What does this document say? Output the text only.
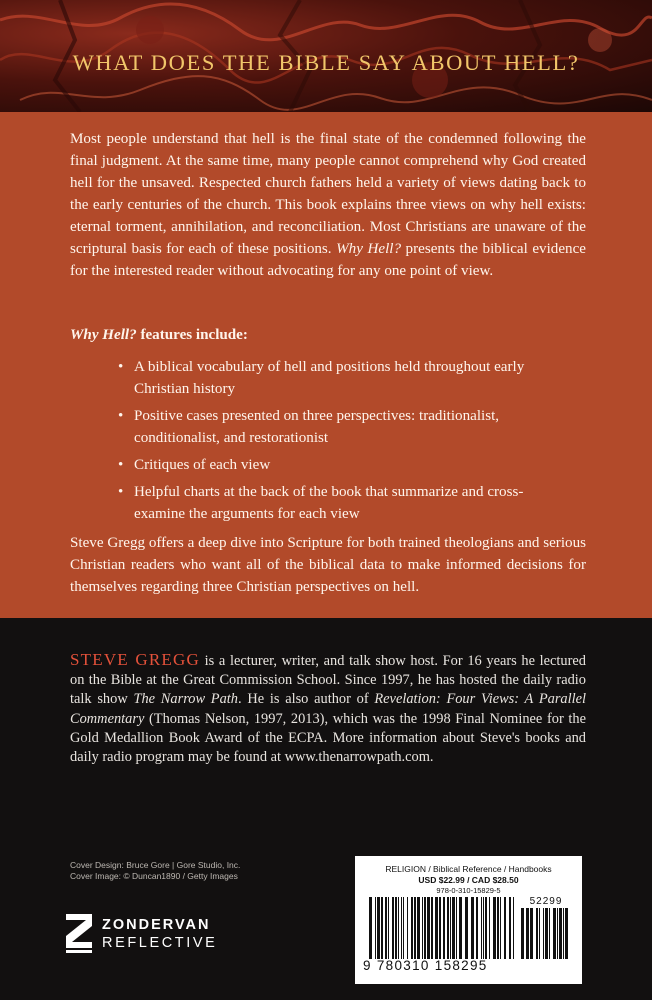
WHAT DOES THE BIBLE SAY ABOUT HELL?

Most people understand that hell is the final state of the condemned following the final judgment. At the same time, many people cannot comprehend why God created hell for the unsaved. Respected church fathers held a variety of views dating back to the early centuries of the church. This book explains three views on why hell exists: eternal torment, annihilation, and reconciliation. Most Christians are unaware of the scriptural basis for each of these positions. Why Hell? presents the biblical evidence for the interested reader without advocating for any one point of view.

Why Hell? features include:
• A biblical vocabulary of hell and positions held throughout early Christian history
• Positive cases presented on three perspectives: traditionalist, conditionalist, and restorationist
• Critiques of each view
• Helpful charts at the back of the book that summarize and cross-examine the arguments for each view
Steve Gregg offers a deep dive into Scripture for both trained theologians and serious Christian readers who want all of the biblical data to make informed decisions for themselves regarding three Christian perspectives on hell.
STEVE GREGG is a lecturer, writer, and talk show host. For 16 years he lectured on the Bible at the Great Commission School. Since 1997, he has hosted the daily radio talk show The Narrow Path. He is also author of Revelation: Four Views: A Parallel Commentary (Thomas Nelson, 1997, 2013), which was the 1998 Final Nominee for the Gold Medallion Book Award of the ECPA. More information about Steve's books and daily radio program may be found at www.thenarrowpath.com.
Cover Design: Bruce Gore | Gore Studio, Inc.
Cover Image: © Duncan1890 / Getty Images
ZONDERVAN
REFLECTIVE
RELIGION / Biblical Reference / Handbooks
USD $22.99 / CAD $28.50
978-0-310-15829-5
52299
9 780310 158295
